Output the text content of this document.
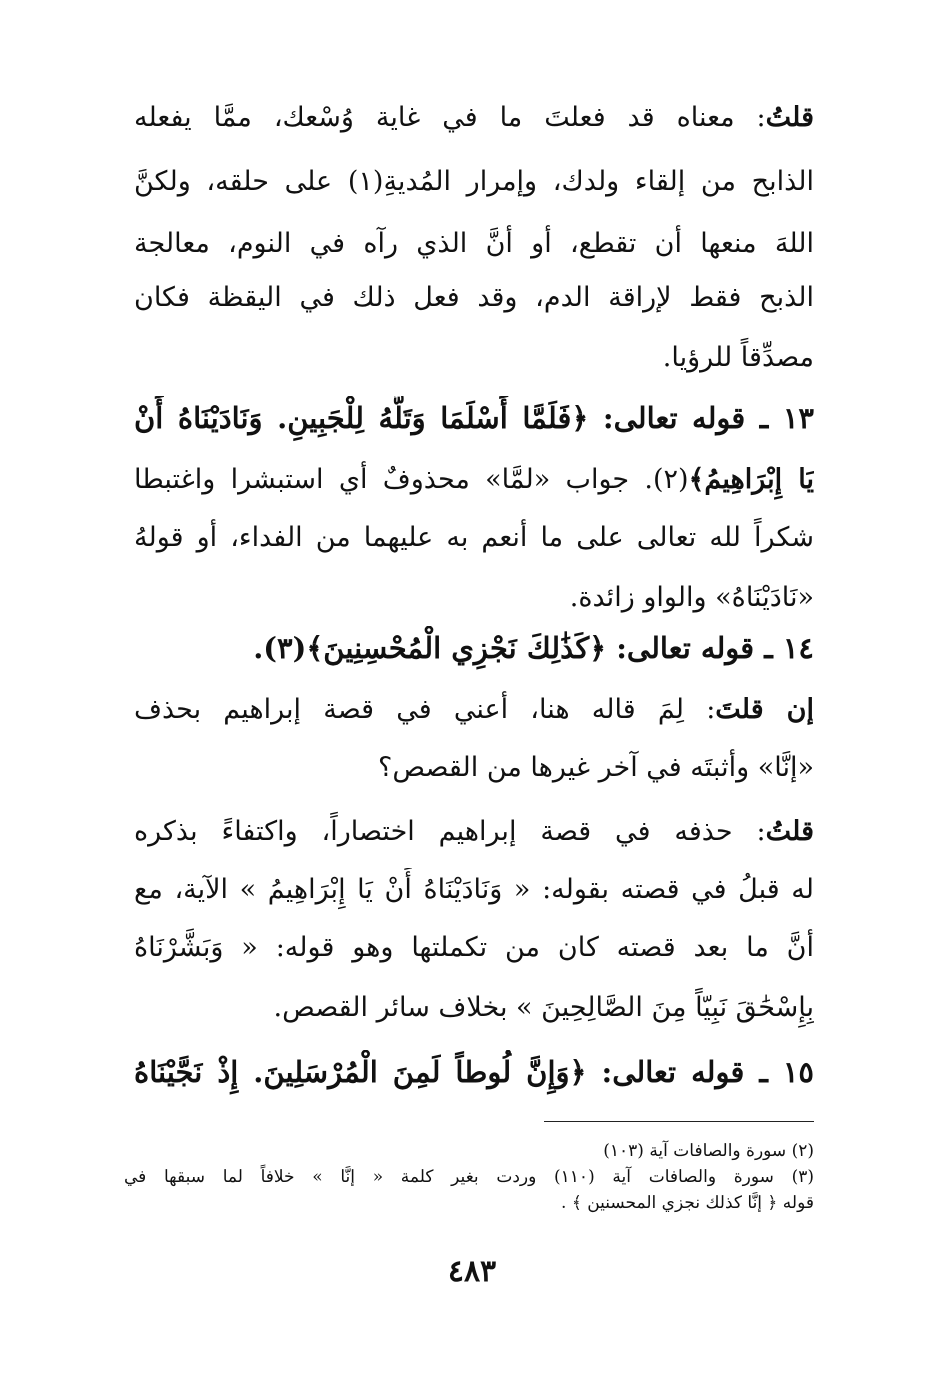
قلتُ: معناه قد فعلتَ ما في غاية وُسْعك، ممَّا يفعله
الذابح من إلقاء ولدك، وإمرار المُديةِ(١) على حلقه، ولكنَّ
اللهَ منعها أن تقطع، أو أنَّ الذي رآه في النوم، معالجة
الذبح فقط لإراقة الدم، وقد فعل ذلك في اليقظة فكان
مصدِّقاً للرؤيا.
١٣ ـ قوله تعالى: ﴿فَلَمَّا أَسْلَمَا وَتَلَّهُ لِلْجَبِينِ. وَنَادَيْنَاهُ أَنْ
يَا إِبْرَاهِيمُ﴾(٢). جواب «لمَّا» محذوفٌ أي استبشرا واغتبطا
شكراً لله تعالى على ما أنعم به عليهما من الفداء، أو قولهُ
«نَادَيْنَاهُ» والواو زائدة.
١٤ ـ قوله تعالى: ﴿كَذَٰلِكَ نَجْزِي الْمُحْسِنِينَ﴾(٣).
إن قلتَ: لِمَ قاله هنا، أعني في قصة إبراهيم بحذف
«إنَّا» وأثبتَه في آخر غيرها من القصص؟
قلتُ: حذفه في قصة إبراهيم اختصاراً، واكتفاءً بذكره
له قبلُ في قصته بقوله: « وَنَادَيْنَاهُ أَنْ يَا إِبْرَاهِيمُ » الآية، مع
أنَّ ما بعد قصته كان من تكملتها وهو قوله: « وَبَشَّرْنَاهُ
بِإِسْحَٰقَ نَبِيّاً مِنَ الصَّالِحِينَ » بخلاف سائر القصص.
١٥ ـ قوله تعالى: ﴿وَإِنَّ لُوطاً لَمِنَ الْمُرْسَلِينَ. إِذْ نَجَّيْنَاهُ
(٢) سورة والصافات آية (١٠٣)
(٣) سورة والصافات آية (١١٠) وردت بغير كلمة « إنَّا » خلافاً لما سبقها في
قوله ﴿ إنَّا كذلك نجزي المحسنين ﴾ .
٤٨٣
